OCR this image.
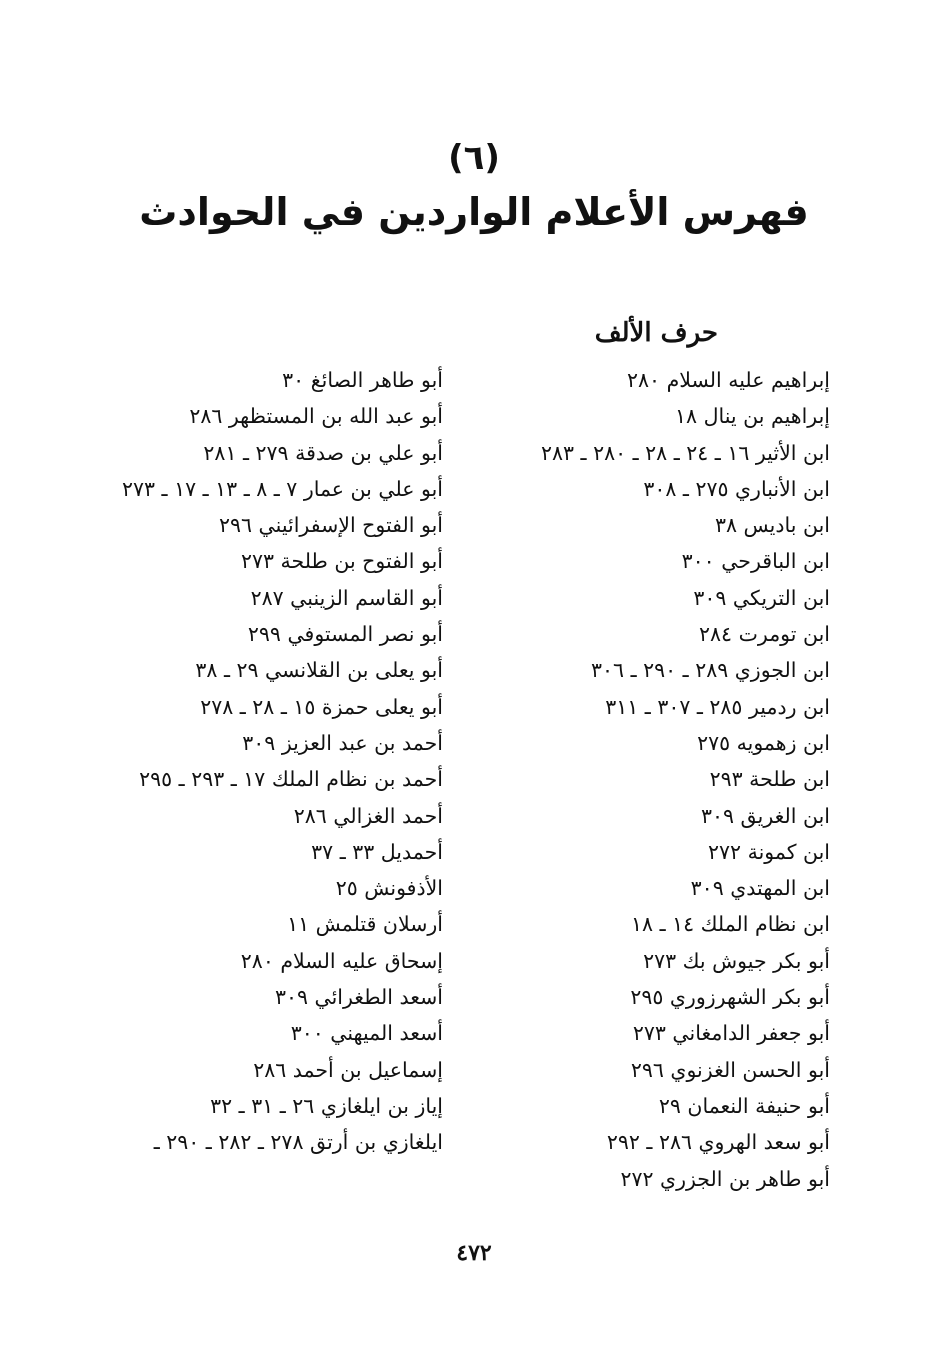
(٦)
فهرس الأعلام الواردين في الحوادث
حرف الألف
إبراهيم عليه السلام ٢٨٠
إبراهيم بن ينال ١٨
ابن الأثير ١٦ ـ ٢٤ ـ ٢٨ ـ ٢٨٠ ـ ٢٨٣
ابن الأنباري ٢٧٥ ـ ٣٠٨
ابن باديس ٣٨
ابن الباقرحي ٣٠٠
ابن التريكي ٣٠٩
ابن تومرت ٢٨٤
ابن الجوزي ٢٨٩ ـ ٢٩٠ ـ ٣٠٦
ابن ردمير ٢٨٥ ـ ٣٠٧ ـ ٣١١
ابن زهمويه ٢٧٥
ابن طلحة ٢٩٣
ابن الغريق ٣٠٩
ابن كمونة ٢٧٢
ابن المهتدي ٣٠٩
ابن نظام الملك ١٤ ـ ١٨
أبو بكر جيوش بك ٢٧٣
أبو بكر الشهرزوري ٢٩٥
أبو جعفر الدامغاني ٢٧٣
أبو الحسن الغزنوي ٢٩٦
أبو حنيفة النعمان ٢٩
أبو سعد الهروي ٢٨٦ ـ ٢٩٢
أبو طاهر بن الجزري ٢٧٢
أبو طاهر الصائغ ٣٠
أبو عبد الله بن المستظهر ٢٨٦
أبو علي بن صدقة ٢٧٩ ـ ٢٨١
أبو علي بن عمار ٧ ـ ٨ ـ ١٣ ـ ١٧ ـ ٢٧٣
أبو الفتوح الإسفرائيني ٢٩٦
أبو الفتوح بن طلحة ٢٧٣
أبو القاسم الزينبي ٢٨٧
أبو نصر المستوفي ٢٩٩
أبو يعلى بن القلانسي ٢٩ ـ ٣٨
أبو يعلى حمزة ١٥ ـ ٢٨ ـ ٢٧٨
أحمد بن عبد العزيز ٣٠٩
أحمد بن نظام الملك ١٧ ـ ٢٩٣ ـ ٢٩٥
أحمد الغزالي ٢٨٦
أحمديل ٣٣ ـ ٣٧
الأذفونش ٢٥
أرسلان قتلمش ١١
إسحاق عليه السلام ٢٨٠
أسعد الطغرائي ٣٠٩
أسعد الميهني ٣٠٠
إسماعيل بن أحمد ٢٨٦
إياز بن ايلغازي ٢٦ ـ ٣١ ـ ٣٢
ايلغازي بن أرتق ٢٧٨ ـ ٢٨٢ ـ ٢٩٠ ـ
٤٧٢
